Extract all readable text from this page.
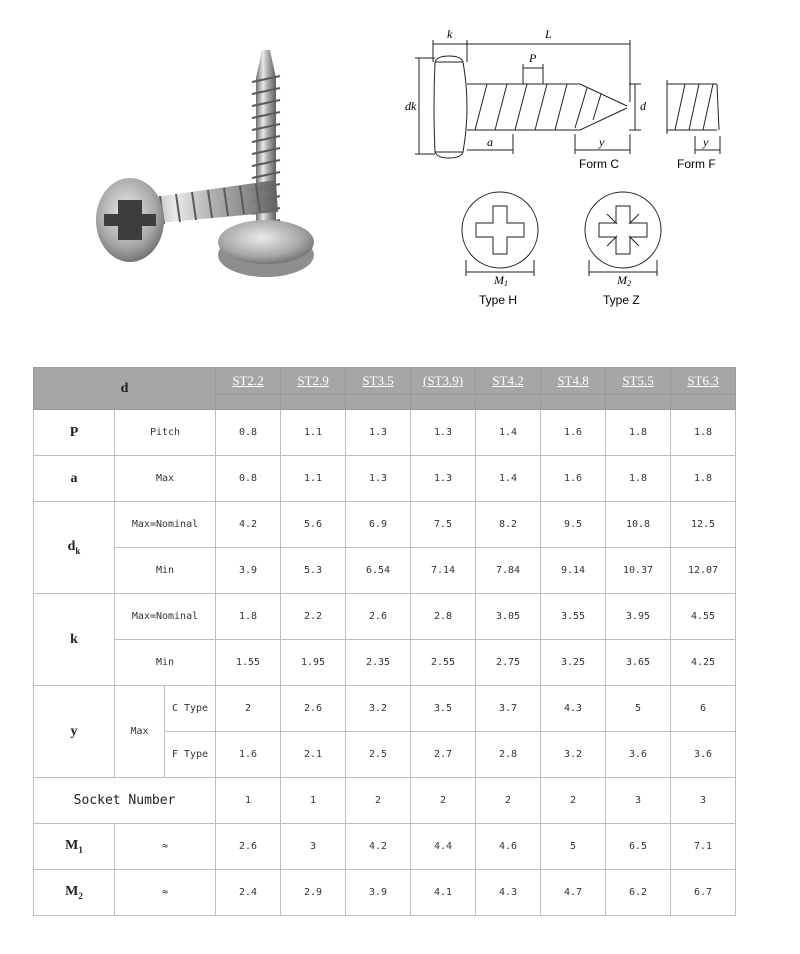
k	L
P
dk	d
a	y	y
Form C	Form F
M1	M2
Type H	Type Z
d			ST2.2	ST2.9	ST3.5	(ST3.9)	ST4.2	ST4.8	ST5.5	ST6.3

P	Pitch		0.8	1.1	1.3	1.3	1.4	1.6	1.8	1.8
a	Max		0.8	1.1	1.3	1.3	1.4	1.6	1.8	1.8
$d_k$	Max=Nominal		4.2	5.6	6.9	7.5	8.2	9.5	10.8	12.5
	Min		3.9	5.3	6.54	7.14	7.84	9.14	10.37	12.07
k	Max=Nominal		1.8	2.2	2.6	2.8	3.05	3.55	3.95	4.55
	Min		1.55	1.95	2.35	2.55	2.75	3.25	3.65	4.25
y	Max	C Type	2	2.6	3.2	3.5	3.7	4.3	5	6
		F Type	1.6	2.1	2.5	2.7	2.8	3.2	3.6	3.6
Socket Number			1	1	2	2	2	2	3	3
$M_1$	≈		2.6	3	4.2	4.4	4.6	5	6.5	7.1
$M_2$	≈		2.4	2.9	3.9	4.1	4.3	4.7	6.2	6.7
